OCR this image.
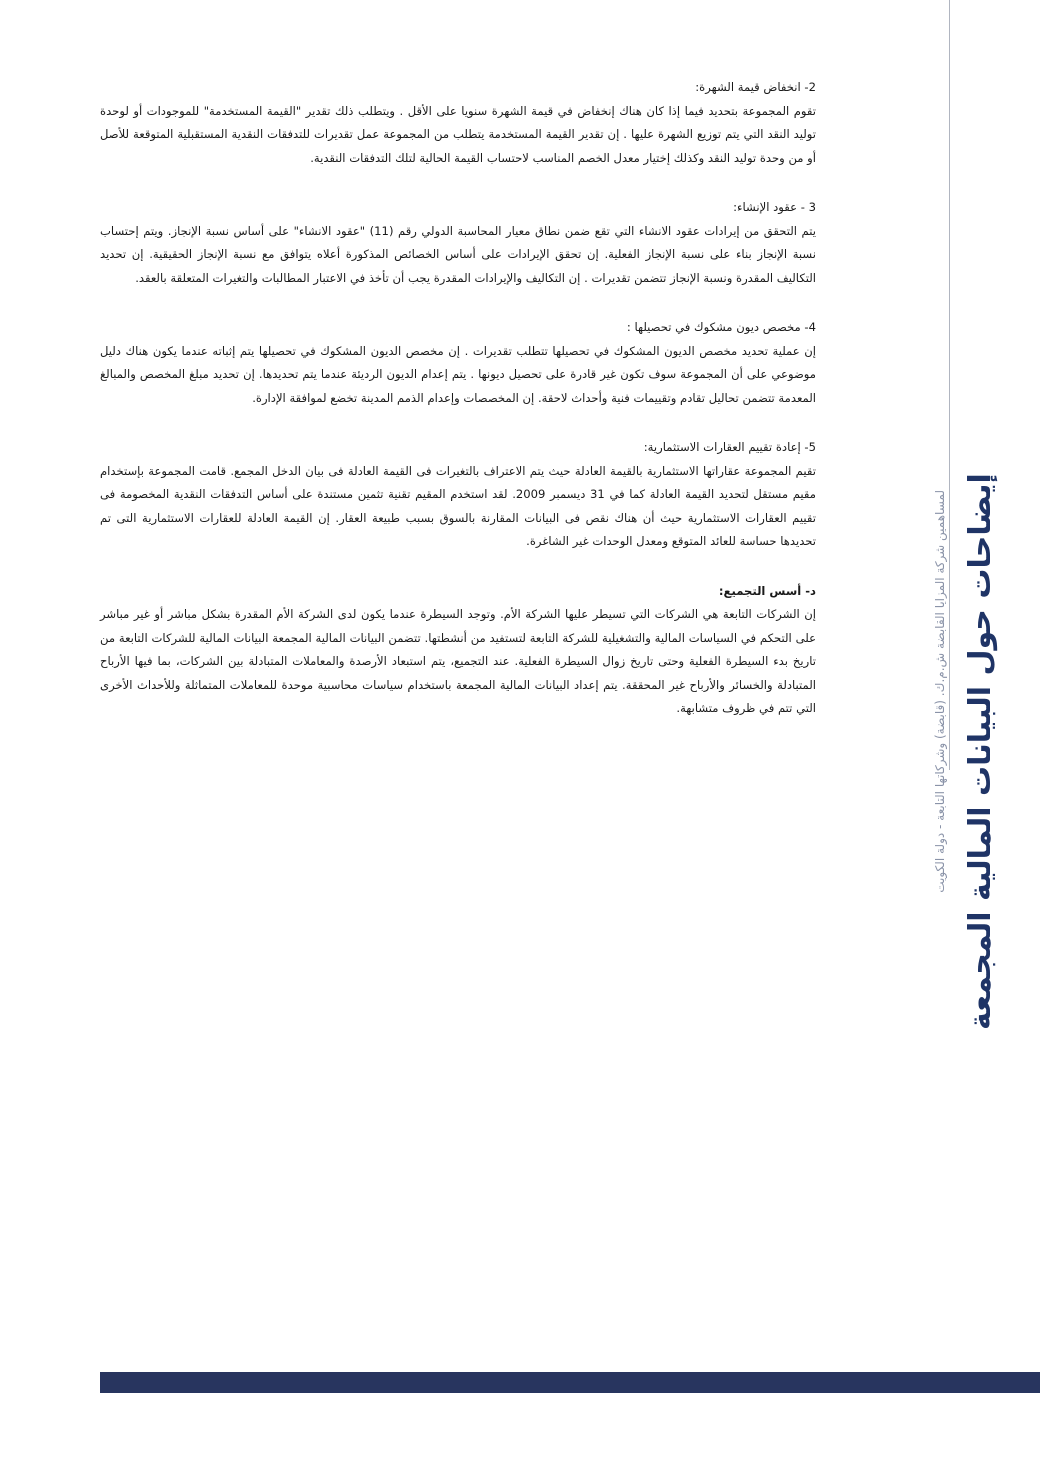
2- انخفاض قيمة الشهرة:

تقوم المجموعة بتحديد فيما إذا كان هناك إنخفاض في قيمة الشهرة سنويا على الأقل . ويتطلب ذلك تقدير "القيمة المستخدمة" للموجودات أو لوحدة توليد النقد التي يتم توزيع الشهرة عليها . إن تقدير القيمة المستخدمة يتطلب من المجموعة عمل تقديرات للتدفقات النقدية المستقبلية المتوقعة للأصل أو من وحدة توليد النقد وكذلك إختيار معدل الخصم المناسب لاحتساب القيمة الحالية لتلك التدفقات النقدية.

3 - عقود الإنشاء:

يتم التحقق من إيرادات عقود الانشاء التي تقع ضمن نطاق معيار المحاسبة الدولي رقم (11) "عقود الانشاء" على أساس نسبة الإنجاز. ويتم إحتساب نسبة الإنجاز بناء على نسبة الإنجاز الفعلية. إن تحقق الإيرادات على أساس الخصائص المذكورة أعلاه يتوافق مع نسبة الإنجاز الحقيقية. إن تحديد التكاليف المقدرة ونسبة الإنجاز تتضمن تقديرات . إن التكاليف والإيرادات المقدرة يجب أن تأخذ في الاعتبار المطالبات والتغيرات المتعلقة بالعقد.

4- مخصص ديون مشكوك في تحصيلها :

إن عملية تحديد مخصص الديون المشكوك في تحصيلها تتطلب تقديرات . إن مخصص الديون المشكوك في تحصيلها يتم إثباته عندما يكون هناك دليل موضوعي على أن المجموعة سوف تكون غير قادرة على تحصيل ديونها . يتم إعدام الديون الرديئة عندما يتم تحديدها. إن تحديد مبلغ المخصص والمبالغ المعدمة تتضمن تحاليل تقادم وتقييمات فنية وأحداث لاحقة. إن المخصصات وإعدام الذمم المدينة تخضع لموافقة الإدارة.

5- إعادة تقييم العقارات الاستثمارية:

تقيم المجموعة عقاراتها الاستثمارية بالقيمة العادلة حيث يتم الاعتراف بالتغيرات فى القيمة العادلة فى بيان الدخل المجمع. قامت المجموعة بإستخدام مقيم مستقل لتحديد القيمة العادلة كما في 31 ديسمبر 2009. لقد استخدم المقيم تقنية تثمين مستندة على أساس التدفقات النقدية المخصومة فى تقييم العقارات الاستثمارية حيث أن هناك نقص فى البيانات المقارنة بالسوق بسبب طبيعة العقار. إن القيمة العادلة للعقارات الاستثمارية التى تم تحديدها حساسة للعائد المتوقع ومعدل الوحدات غير الشاغرة.

د- أسس التجميع:

إن الشركات التابعة هي الشركات التي تسيطر عليها الشركة الأم. وتوجد السيطرة عندما يكون لدى الشركة الأم المقدرة بشكل مباشر أو غير مباشر على التحكم في السياسات المالية والتشغيلية للشركة التابعة لتستفيد من أنشطتها. تتضمن البيانات المالية المجمعة البيانات المالية للشركات التابعة من تاريخ بدء السيطرة الفعلية وحتى تاريخ زوال السيطرة الفعلية. عند التجميع، يتم استبعاد الأرصدة والمعاملات المتبادلة بين الشركات، بما فيها الأرباح المتبادلة والخسائر والأرباح غير المحققة. يتم إعداد البيانات المالية المجمعة باستخدام سياسات محاسبية موحدة للمعاملات المتماثلة وللأحداث الأخرى التي تتم في ظروف متشابهة.	إيضاحات حول البيانات المالية المجمعة
لمساهمين شركة المزايا القابضة ش.م.ك. (قابضة) وشركاتها التابعة - دولة الكويت
